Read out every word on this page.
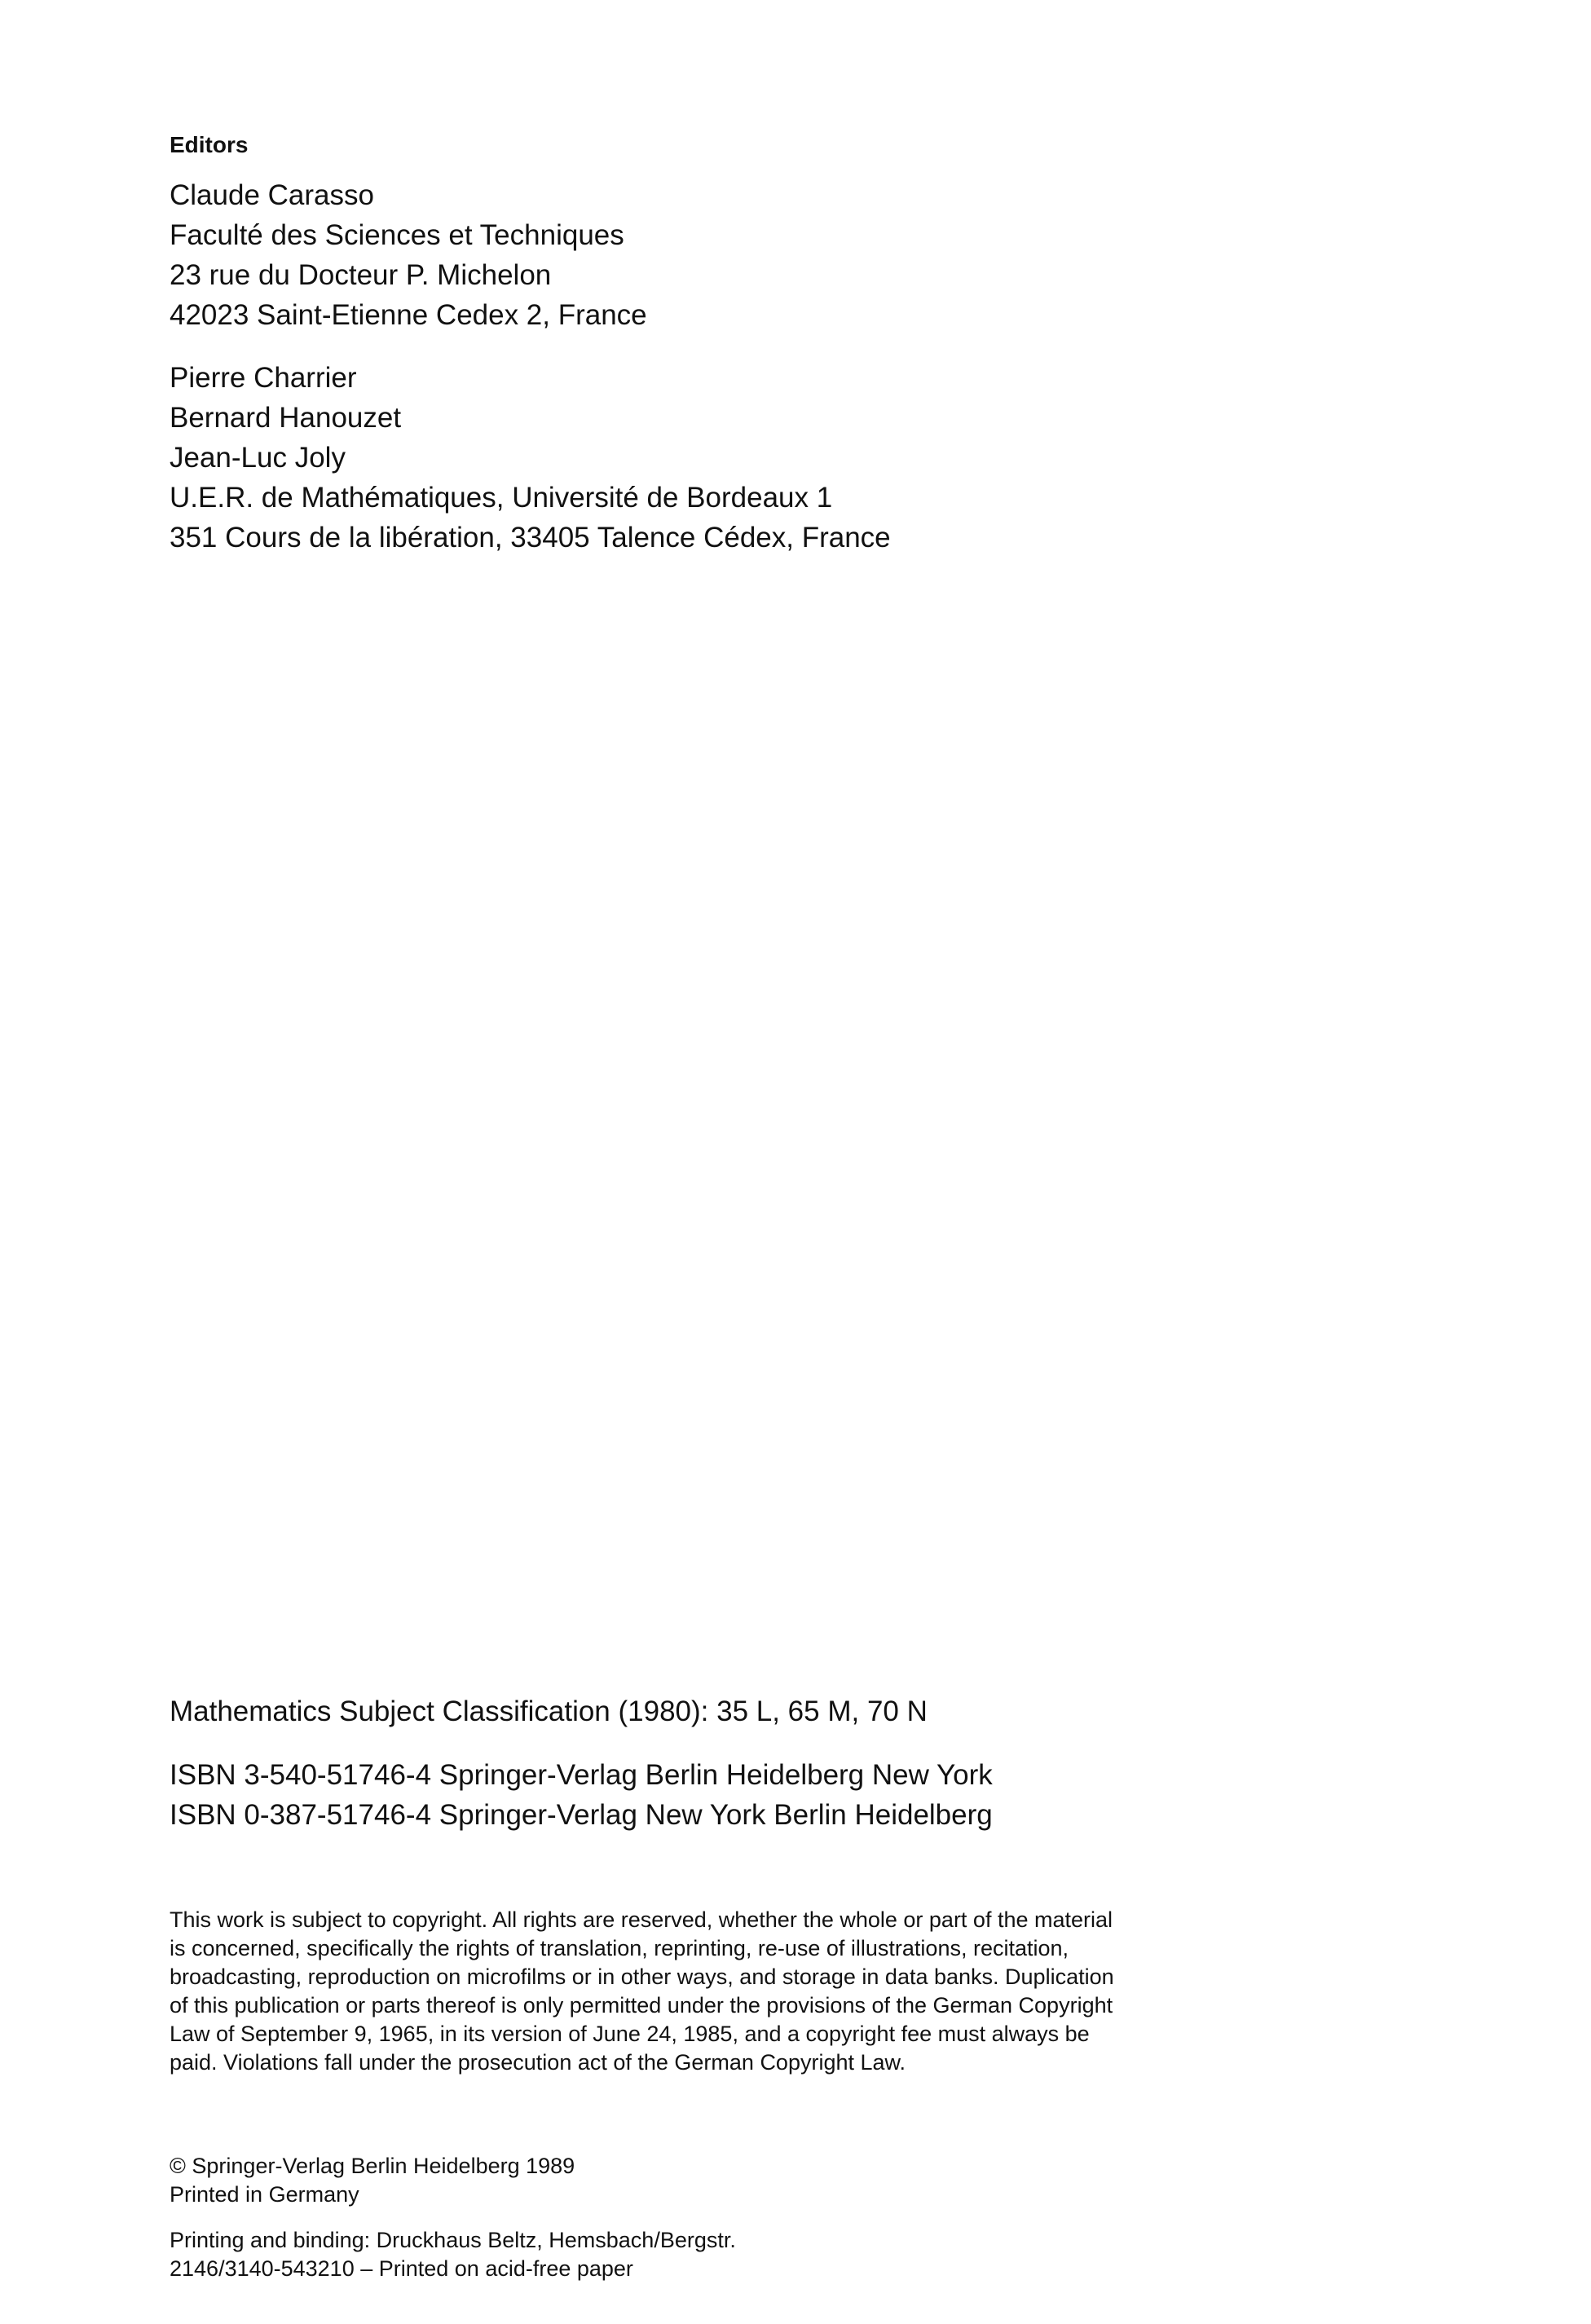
Editors
Claude Carasso
Faculté des Sciences et Techniques
23 rue du Docteur P. Michelon
42023 Saint-Etienne Cedex 2, France
Pierre Charrier
Bernard Hanouzet
Jean-Luc Joly
U.E.R. de Mathématiques, Université de Bordeaux 1
351 Cours de la libération, 33405 Talence Cédex, France
Mathematics Subject Classification (1980): 35 L, 65 M, 70 N
ISBN 3-540-51746-4 Springer-Verlag Berlin Heidelberg New York
ISBN 0-387-51746-4 Springer-Verlag New York Berlin Heidelberg
This work is subject to copyright. All rights are reserved, whether the whole or part of the material
is concerned, specifically the rights of translation, reprinting, re-use of illustrations, recitation,
broadcasting, reproduction on microfilms or in other ways, and storage in data banks. Duplication
of this publication or parts thereof is only permitted under the provisions of the German Copyright
Law of September 9, 1965, in its version of June 24, 1985, and a copyright fee must always be
paid. Violations fall under the prosecution act of the German Copyright Law.
© Springer-Verlag Berlin Heidelberg 1989
Printed in Germany
Printing and binding: Druckhaus Beltz, Hemsbach/Bergstr.
2146/3140-543210 – Printed on acid-free paper
